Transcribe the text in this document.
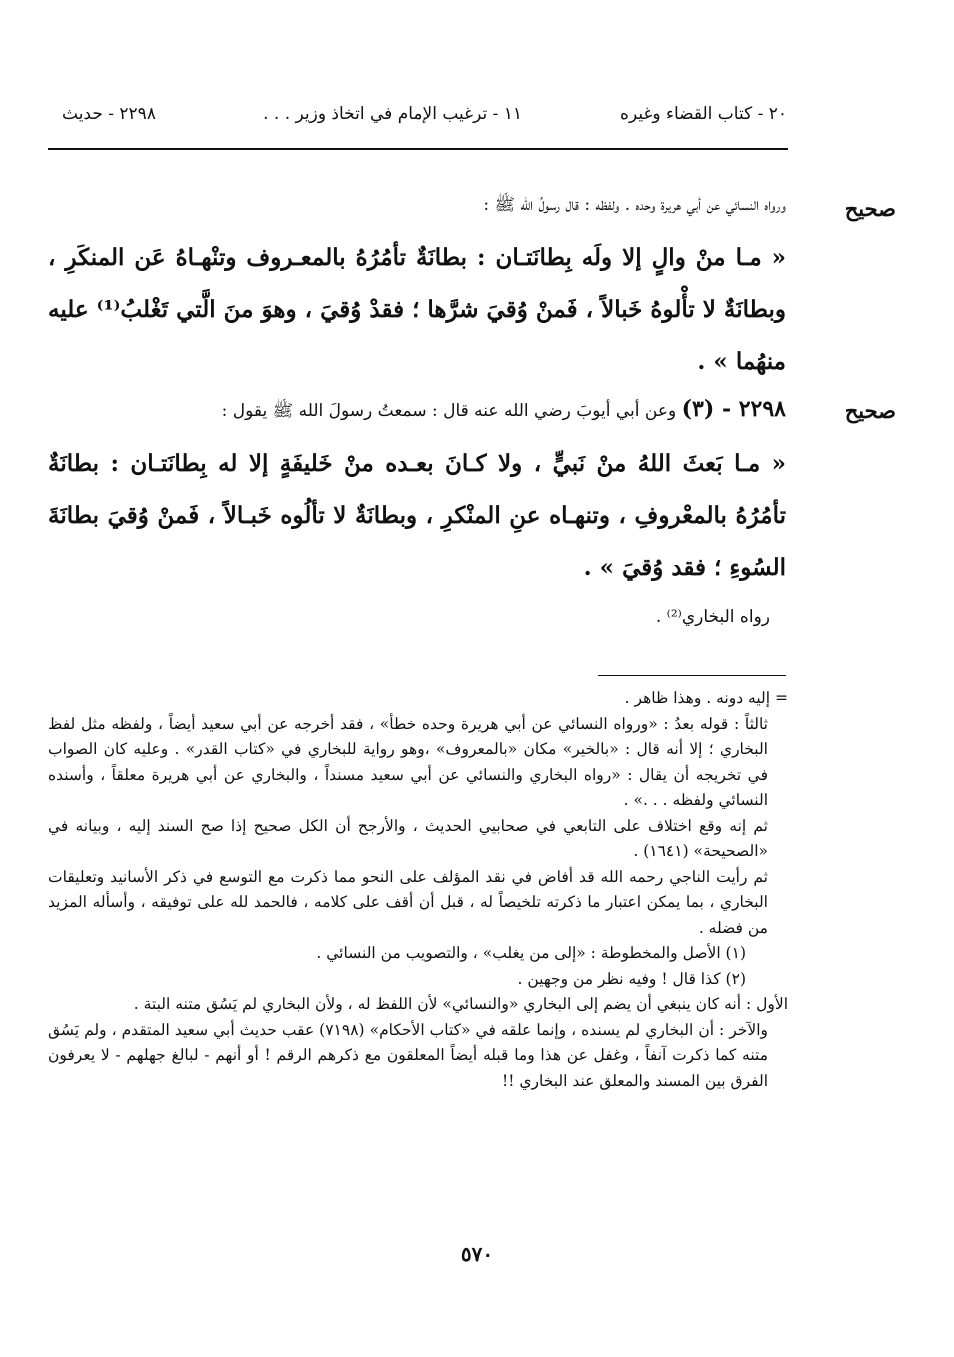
٢٠ - كتاب القضاء وغيره
١١ - ترغيب الإمام في اتخاذ وزير . . .
٢٢٩٨ - حديث
صحيح
ورواه النسائي عن أبي هريرة وحده . ولفظه : قال رسولُ الله ﷺ :
« مـا منْ والٍ إلا ولَه بِطانَتـان : بطانَةٌ تأمُرُهُ بالمعـروف وتنْهـاهُ عَن المنكَرِ ، وبطانَةٌ لا تأْلوهُ خَبالاً ، فَمنْ وُقيَ شرَّها ؛ فقدْ وُقيَ ، وهوَ منَ الَّتي تَغْلبُ⁽¹⁾ عليه منهُما » .
صحيح
٢٢٩٨ - (٣) وعن أبي أيوبَ رضي الله عنه قال : سمعتُ رسولَ الله ﷺ يقول :
« مـا بَعثَ اللهُ منْ نَبيٍّ ، ولا كـانَ بعـده منْ خَليفَةٍ إلا له بِطانَتـان : بطانَةٌ تأمُرُهُ بالمعْروفِ ، وتنهـاه عنِ المنْكرِ ، وبطانَةٌ لا تألُوه خَبـالاً ، فَمنْ وُقيَ بطانَةَ السُوءِ ؛ فقد وُقيَ » .
رواه البخاري⁽²⁾ .

= إليه دونه . وهذا ظاهر .

ثالثاً : قوله بعدُ : «ورواه النسائي عن أبي هريرة وحده خطأ» ، فقد أخرجه عن أبي سعيد أيضاً ، ولفظه مثل لفظ البخاري ؛ إلا أنه قال : «بالخير» مكان «بالمعروف» ،وهو رواية للبخاري في «كتاب القدر» . وعليه كان الصواب في تخريجه أن يقال : «رواه البخاري والنسائي عن أبي سعيد مسنداً ، والبخاري عن أبي هريرة معلقاً ، وأسنده النسائي ولفظه . . .» .

ثم إنه وقع اختلاف على التابعي في صحابيي الحديث ، والأرجح أن الكل صحيح إذا صح السند إليه ، وبيانه في «الصحيحة» (١٦٤١) .

ثم رأيت الناجي رحمه الله قد أفاض في نقد المؤلف على النحو مما ذكرت مع التوسع في ذكر الأسانيد وتعليقات البخاري ، بما يمكن اعتبار ما ذكرته تلخيصاً له ، قبل أن أقف على كلامه ، فالحمد لله على توفيقه ، وأسأله المزيد من فضله .

(١) الأصل والمخطوطة : «إلى من يغلب» ، والتصويب من النسائي .

(٢) كذا قال ! وفيه نظر من وجهين .

الأول : أنه كان ينبغي أن يضم إلى البخاري «والنسائي» لأن اللفظ له ، ولأن البخاري لم يَسُق متنه البتة .

والآخر : أن البخاري لم يسنده ، وإنما علقه في «كتاب الأحكام» (٧١٩٨) عقب حديث أبي سعيد المتقدم ، ولم يَسُق متنه كما ذكرت آنفاً ، وغفل عن هذا وما قبله أيضاً المعلقون مع ذكرهم الرقم ! أو أنهم - لبالغ جهلهم - لا يعرفون الفرق بين المسند والمعلق عند البخاري !!

٥٧٠
